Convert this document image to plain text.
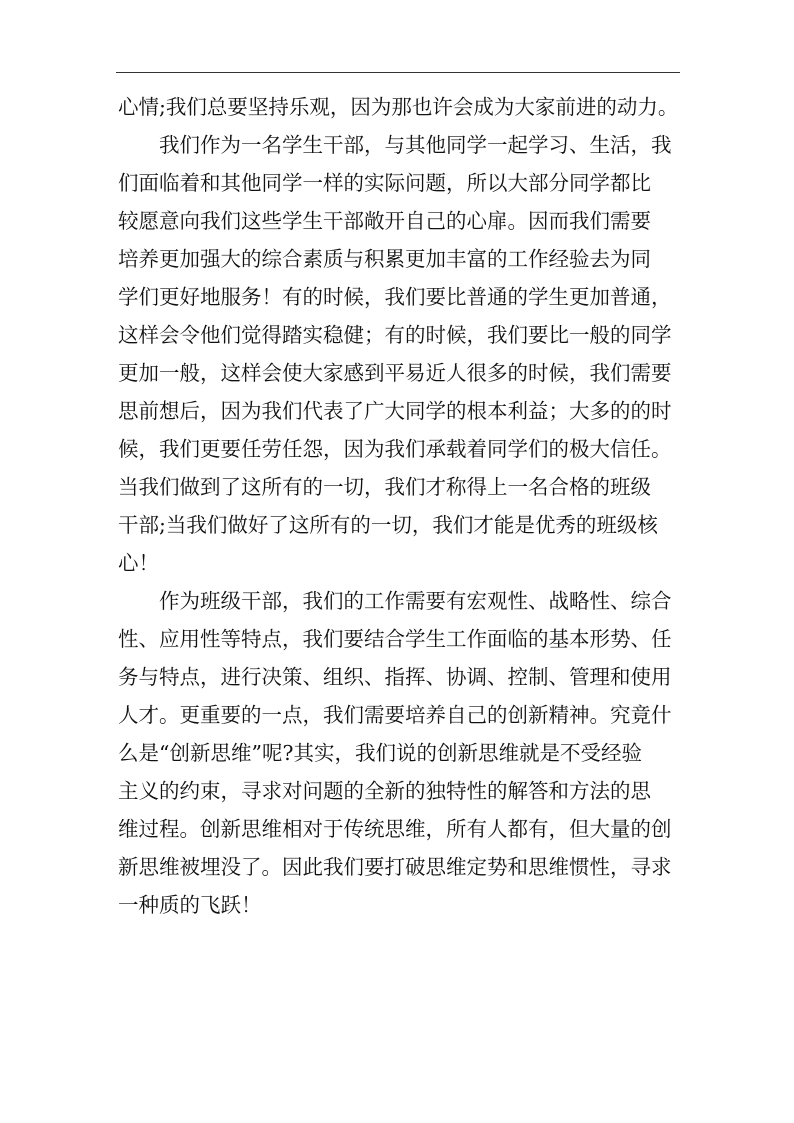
心情;我们总要坚持乐观，因为那也许会成为大家前进的动力。
我们作为一名学生干部，与其他同学一起学习、生活，我
们面临着和其他同学一样的实际问题，所以大部分同学都比
较愿意向我们这些学生干部敞开自己的心扉。因而我们需要
培养更加强大的综合素质与积累更加丰富的工作经验去为同
学们更好地服务！有的时候，我们要比普通的学生更加普通，
这样会令他们觉得踏实稳健；有的时候，我们要比一般的同学
更加一般，这样会使大家感到平易近人很多的时候，我们需要
思前想后，因为我们代表了广大同学的根本利益；大多的的时
候，我们更要任劳任怨，因为我们承载着同学们的极大信任。
当我们做到了这所有的一切，我们才称得上一名合格的班级
干部;当我们做好了这所有的一切，我们才能是优秀的班级核
心！
作为班级干部，我们的工作需要有宏观性、战略性、综合
性、应用性等特点，我们要结合学生工作面临的基本形势、任
务与特点，进行决策、组织、指挥、协调、控制、管理和使用
人才。更重要的一点，我们需要培养自己的创新精神。究竟什
么是“创新思维”呢?其实，我们说的创新思维就是不受经验
主义的约束，寻求对问题的全新的独特性的解答和方法的思
维过程。创新思维相对于传统思维，所有人都有，但大量的创
新思维被埋没了。因此我们要打破思维定势和思维惯性，寻求
一种质的飞跃！
